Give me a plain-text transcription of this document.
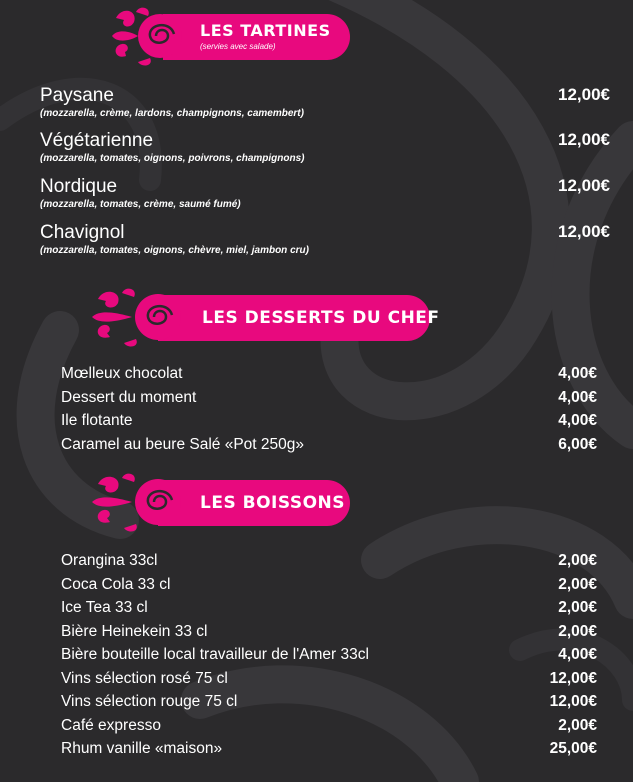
LES TARTINES
(servies avec salade)
Paysane
(mozzarella, crème, lardons, champignons, camembert)
12,00€
Végétarienne
(mozzarella, tomates, oignons, poivrons, champignons)
12,00€
Nordique
(mozzarella, tomates, crème, saumé fumé)
12,00€
Chavignol
(mozzarella, tomates, oignons, chèvre, miel, jambon cru)
12,00€
LES DESSERTS DU CHEF
Mœlleux chocolat	4,00€
Dessert du moment	4,00€
Ile flotante	4,00€
Caramel au beure Salé «Pot 250g»	6,00€
LES BOISSONS
Orangina 33cl	2,00€
Coca Cola 33 cl	2,00€
Ice Tea 33 cl	2,00€
Bière Heinekein 33 cl	2,00€
Bière bouteille local travailleur de l'Amer 33cl	4,00€
Vins sélection rosé 75 cl	12,00€
Vins sélection rouge 75 cl	12,00€
Café expresso	2,00€
Rhum vanille «maison»	25,00€
